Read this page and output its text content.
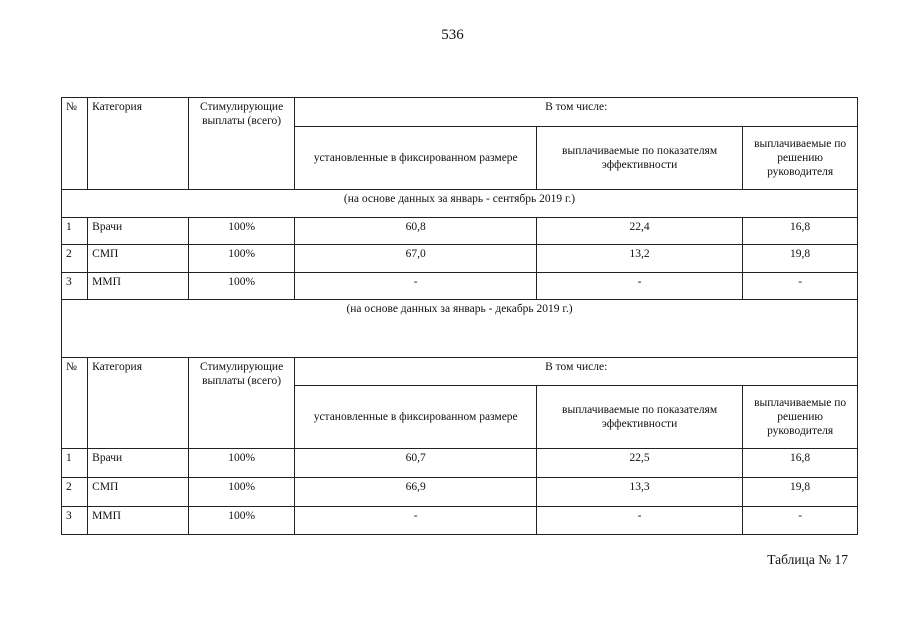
536
№	Категория	Стимулирующие выплаты (всего)	В том числе:		
			установленные в фиксированном размере	выплачиваемые по показателям эффективности	выплачиваемые по решению руководителя
(на основе данных за январь - сентябрь 2019 г.)					
1	Врачи	100%	60,8	22,4	16,8
2	СМП	100%	67,0	13,2	19,8
3	ММП	100%	-	-	-
(на основе данных за январь - декабрь 2019 г.)					
№	Категория	Стимулирующие выплаты (всего)	В том числе:		
			установленные в фиксированном размере	выплачиваемые по показателям эффективности	выплачиваемые по решению руководителя
1	Врачи	100%	60,7	22,5	16,8
2	СМП	100%	66,9	13,3	19,8
3	ММП	100%	-	-	-
Таблица № 17
